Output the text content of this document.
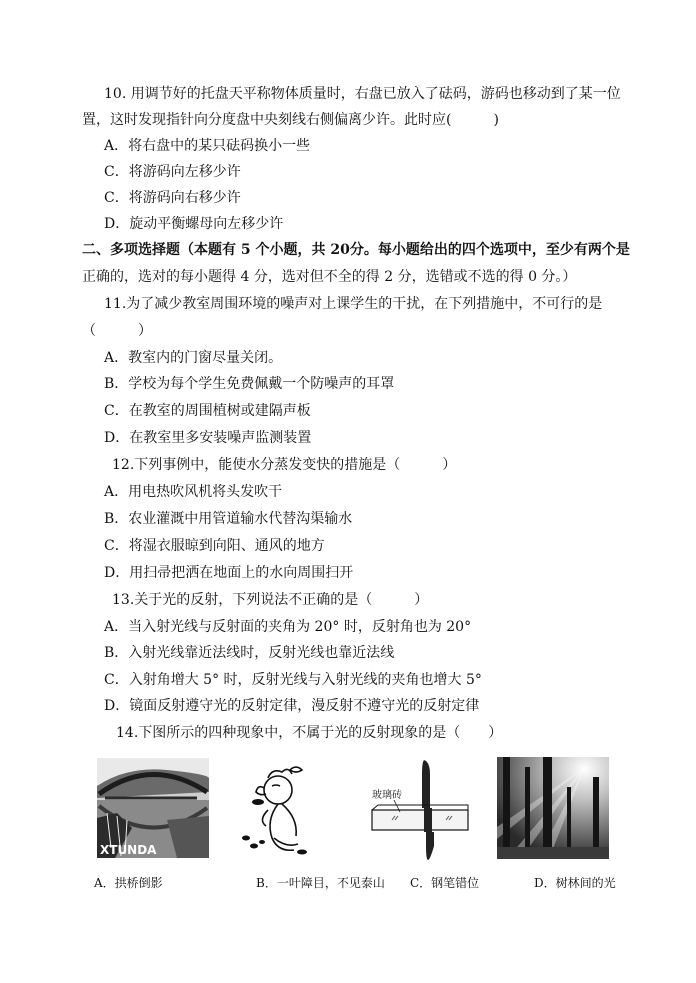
10. 用调节好的托盘天平称物体质量时，右盘已放入了砝码，游码也移动到了某一位
置，这时发现指针向分度盘中央刻线右侧偏离少许。此时应(　　　)
A．将右盘中的某只砝码换小一些
C．将游码向左移少许
C．将游码向右移少许
D．旋动平衡螺母向左移少许
二、多项选择题（本题有 5 个小题，共 20分。每小题给出的四个选项中，至少有两个是
正确的，选对的每小题得 4 分，选对但不全的得 2 分，选错或不选的得 0 分。）
11.为了减少教室周围环境的噪声对上课学生的干扰，在下列措施中，不可行的是
（　　　）
A．教室内的门窗尽量关闭。
B．学校为每个学生免费佩戴一个防噪声的耳罩
C．在教室的周围植树或建隔声板
D．在教室里多安装噪声监测装置
12.下列事例中，能使水分蒸发变快的措施是（　　　）
A．用电热吹风机将头发吹干
B．农业灌溉中用管道输水代替沟渠输水
C．将湿衣服晾到向阳、通风的地方
D．用扫帚把洒在地面上的水向周围扫开
13.关于光的反射，下列说法不正确的是（　　　）
A．当入射光线与反射面的夹角为 20° 时，反射角也为 20°
B．入射光线靠近法线时，反射光线也靠近法线
C．入射角增大 5° 时，反射光线与入射光线的夹角也增大 5°
D．镜面反射遵守光的反射定律，漫反射不遵守光的反射定律
14.下图所示的四种现象中，不属于光的反射现象的是（　　）
XTUNDA
玻璃砖
A．拱桥倒影	B．一叶障目，不见泰山 C．钢笔错位	D．树林间的光
